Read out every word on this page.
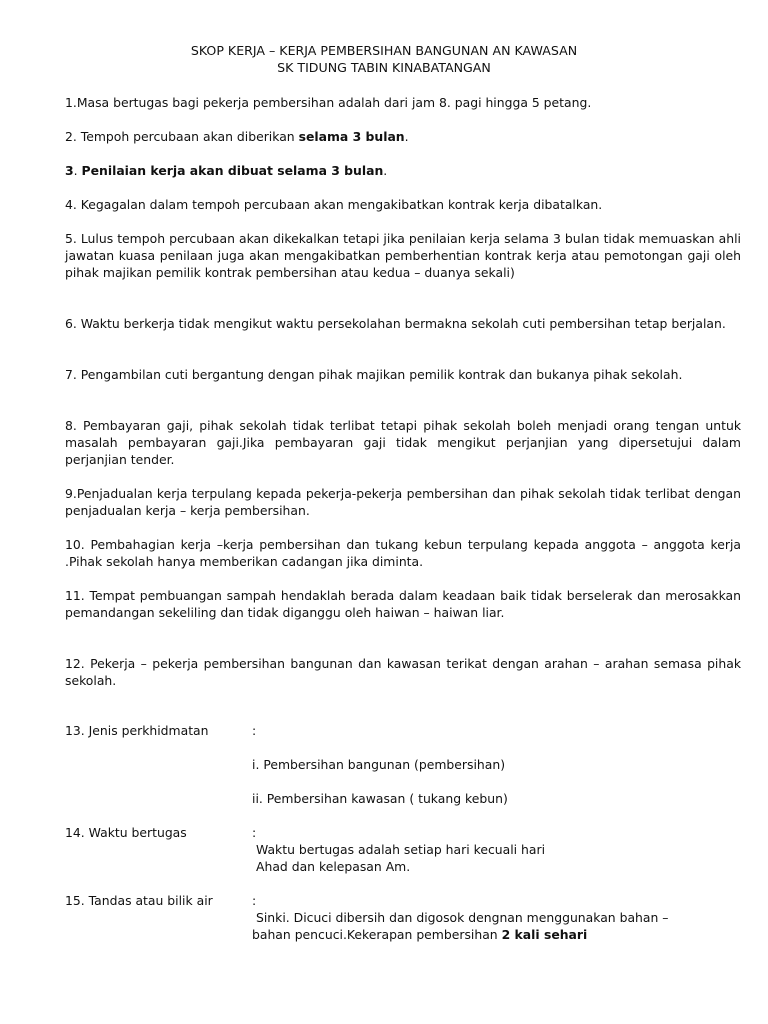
SKOP KERJA – KERJA PEMBERSIHAN BANGUNAN AN KAWASAN
SK TIDUNG TABIN KINABATANGAN

1.Masa bertugas bagi pekerja pembersihan adalah dari jam 8. pagi hingga 5 petang.

2. Tempoh percubaan akan diberikan selama 3 bulan.

3. Penilaian kerja akan dibuat selama 3 bulan.

4. Kegagalan dalam tempoh percubaan akan mengakibatkan kontrak kerja dibatalkan.

5. Lulus tempoh percubaan akan dikekalkan tetapi jika penilaian kerja selama 3 bulan tidak memuaskan ahli jawatan kuasa penilaan juga akan mengakibatkan pemberhentian kontrak kerja atau pemotongan gaji oleh pihak majikan pemilik kontrak pembersihan atau kedua – duanya sekali)

6. Waktu berkerja tidak mengikut waktu persekolahan bermakna sekolah cuti pembersihan tetap berjalan.

7. Pengambilan cuti bergantung dengan pihak majikan pemilik kontrak dan bukanya pihak sekolah.

8. Pembayaran gaji, pihak sekolah tidak terlibat tetapi pihak sekolah boleh menjadi orang tengan untuk masalah pembayaran gaji.Jika pembayaran gaji tidak mengikut perjanjian yang dipersetujui dalam perjanjian tender.

9.Penjadualan kerja terpulang kepada pekerja-pekerja pembersihan dan pihak sekolah tidak terlibat dengan penjadualan kerja – kerja pembersihan.

10. Pembahagian kerja –kerja pembersihan dan tukang kebun terpulang kepada anggota – anggota kerja .Pihak sekolah hanya memberikan cadangan jika diminta.

11. Tempat pembuangan sampah hendaklah berada dalam keadaan baik tidak berselerak dan merosakkan pemandangan sekeliling dan tidak diganggu oleh haiwan – haiwan liar.

12. Pekerja – pekerja pembersihan bangunan dan kawasan terikat dengan arahan – arahan semasa pihak sekolah.

13. Jenis perkhidmatan	:
i. Pembersihan bangunan (pembersihan)
ii. Pembersihan kawasan ( tukang kebun)
14. Waktu bertugas	:
Waktu bertugas adalah setiap hari kecuali hari
Ahad dan kelepasan Am.
15. Tandas atau bilik air	:
Sinki. Dicuci dibersih dan digosok dengnan menggunakan bahan –
bahan pencuci.Kekerapan pembersihan 2 kali sehari
